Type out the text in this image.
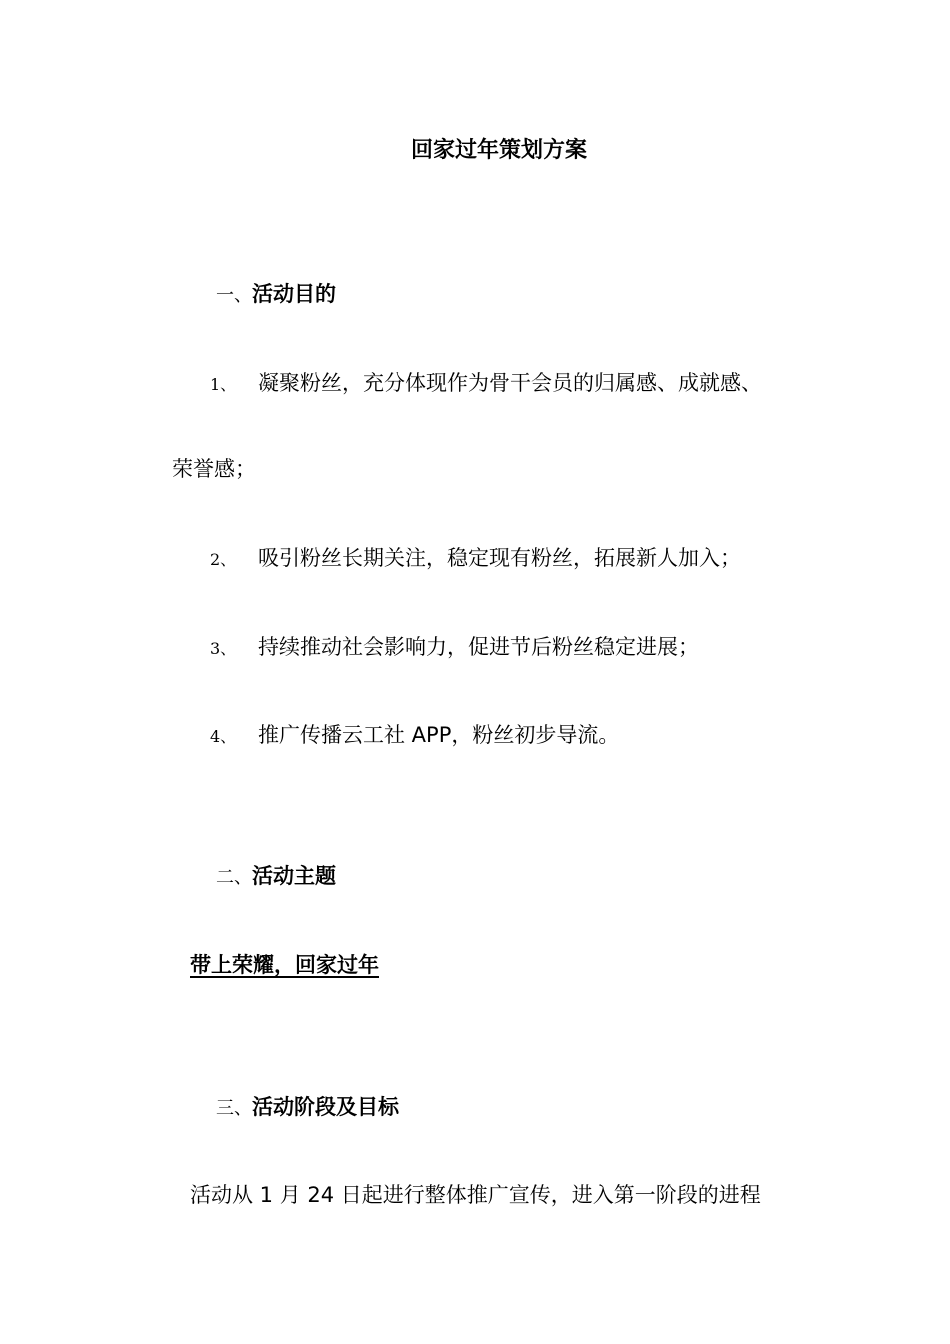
回家过年策划方案
一、活动目的
1、 凝聚粉丝，充分体现作为骨干会员的归属感、成就感、
荣誉感；
2、 吸引粉丝长期关注，稳定现有粉丝，拓展新人加入；
3、 持续推动社会影响力，促进节后粉丝稳定进展；
4、 推广传播云工社 APP，粉丝初步导流。
二、活动主题
带上荣耀，回家过年
三、活动阶段及目标
活动从 1 月 24 日起进行整体推广宣传，进入第一阶段的进程
